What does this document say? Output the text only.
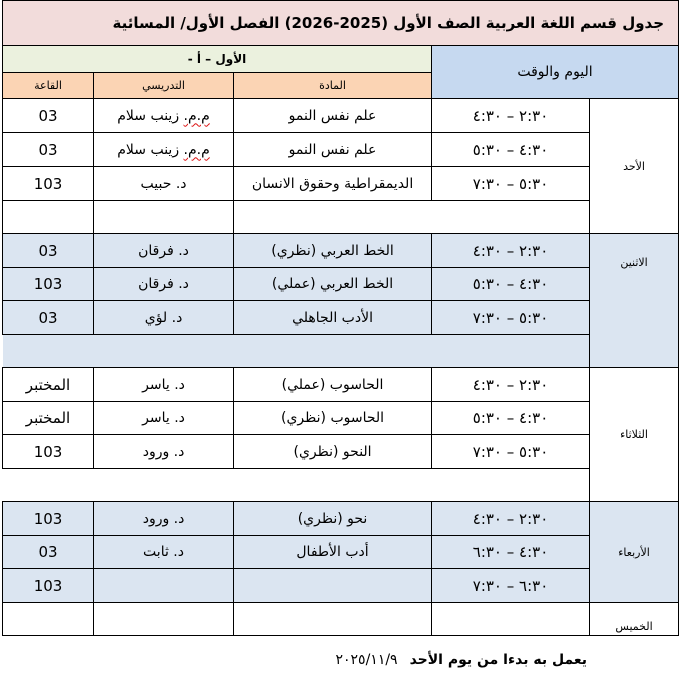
جدول قسم اللغة العربية الصف الأول (2025-2026) الفصل الأول/ المسائية				
اليوم والوقت		الأول – أ -		
		المادة	التدريسي	القاعة
الأحد	٢:٣٠ – ٤:٣٠	علم نفس النمو	م.م. زينب سلام	03
	٤:٣٠ – ٥:٣٠	علم نفس النمو	م.م. زينب سلام	03
	٥:٣٠ – ٧:٣٠	الديمقراطية وحقوق الانسان	د. حبيب	103

الاثنين	٢:٣٠ – ٤:٣٠	الخط العربي (نظري)	د. فرقان	03
	٤:٣٠ – ٥:٣٠	الخط العربي (عملي)	د. فرقان	103
	٥:٣٠ – ٧:٣٠	الأدب الجاهلي	د. لؤي	03

الثلاثاء	٢:٣٠ – ٤:٣٠	الحاسوب (عملي)	د. ياسر	المختبر
	٤:٣٠ – ٥:٣٠	الحاسوب (نظري)	د. ياسر	المختبر
	٥:٣٠ – ٧:٣٠	النحو (نظري)	د. ورود	103

الأربعاء	٢:٣٠ – ٤:٣٠	نحو (نظري)	د. ورود	103
	٤:٣٠ – ٦:٣٠	أدب الأطفال	د. ثابت	03
	٦:٣٠ – ٧:٣٠			103
الخميس				
يعمل به بدءا من يوم الأحد٢٠٢٥/١١/٩
